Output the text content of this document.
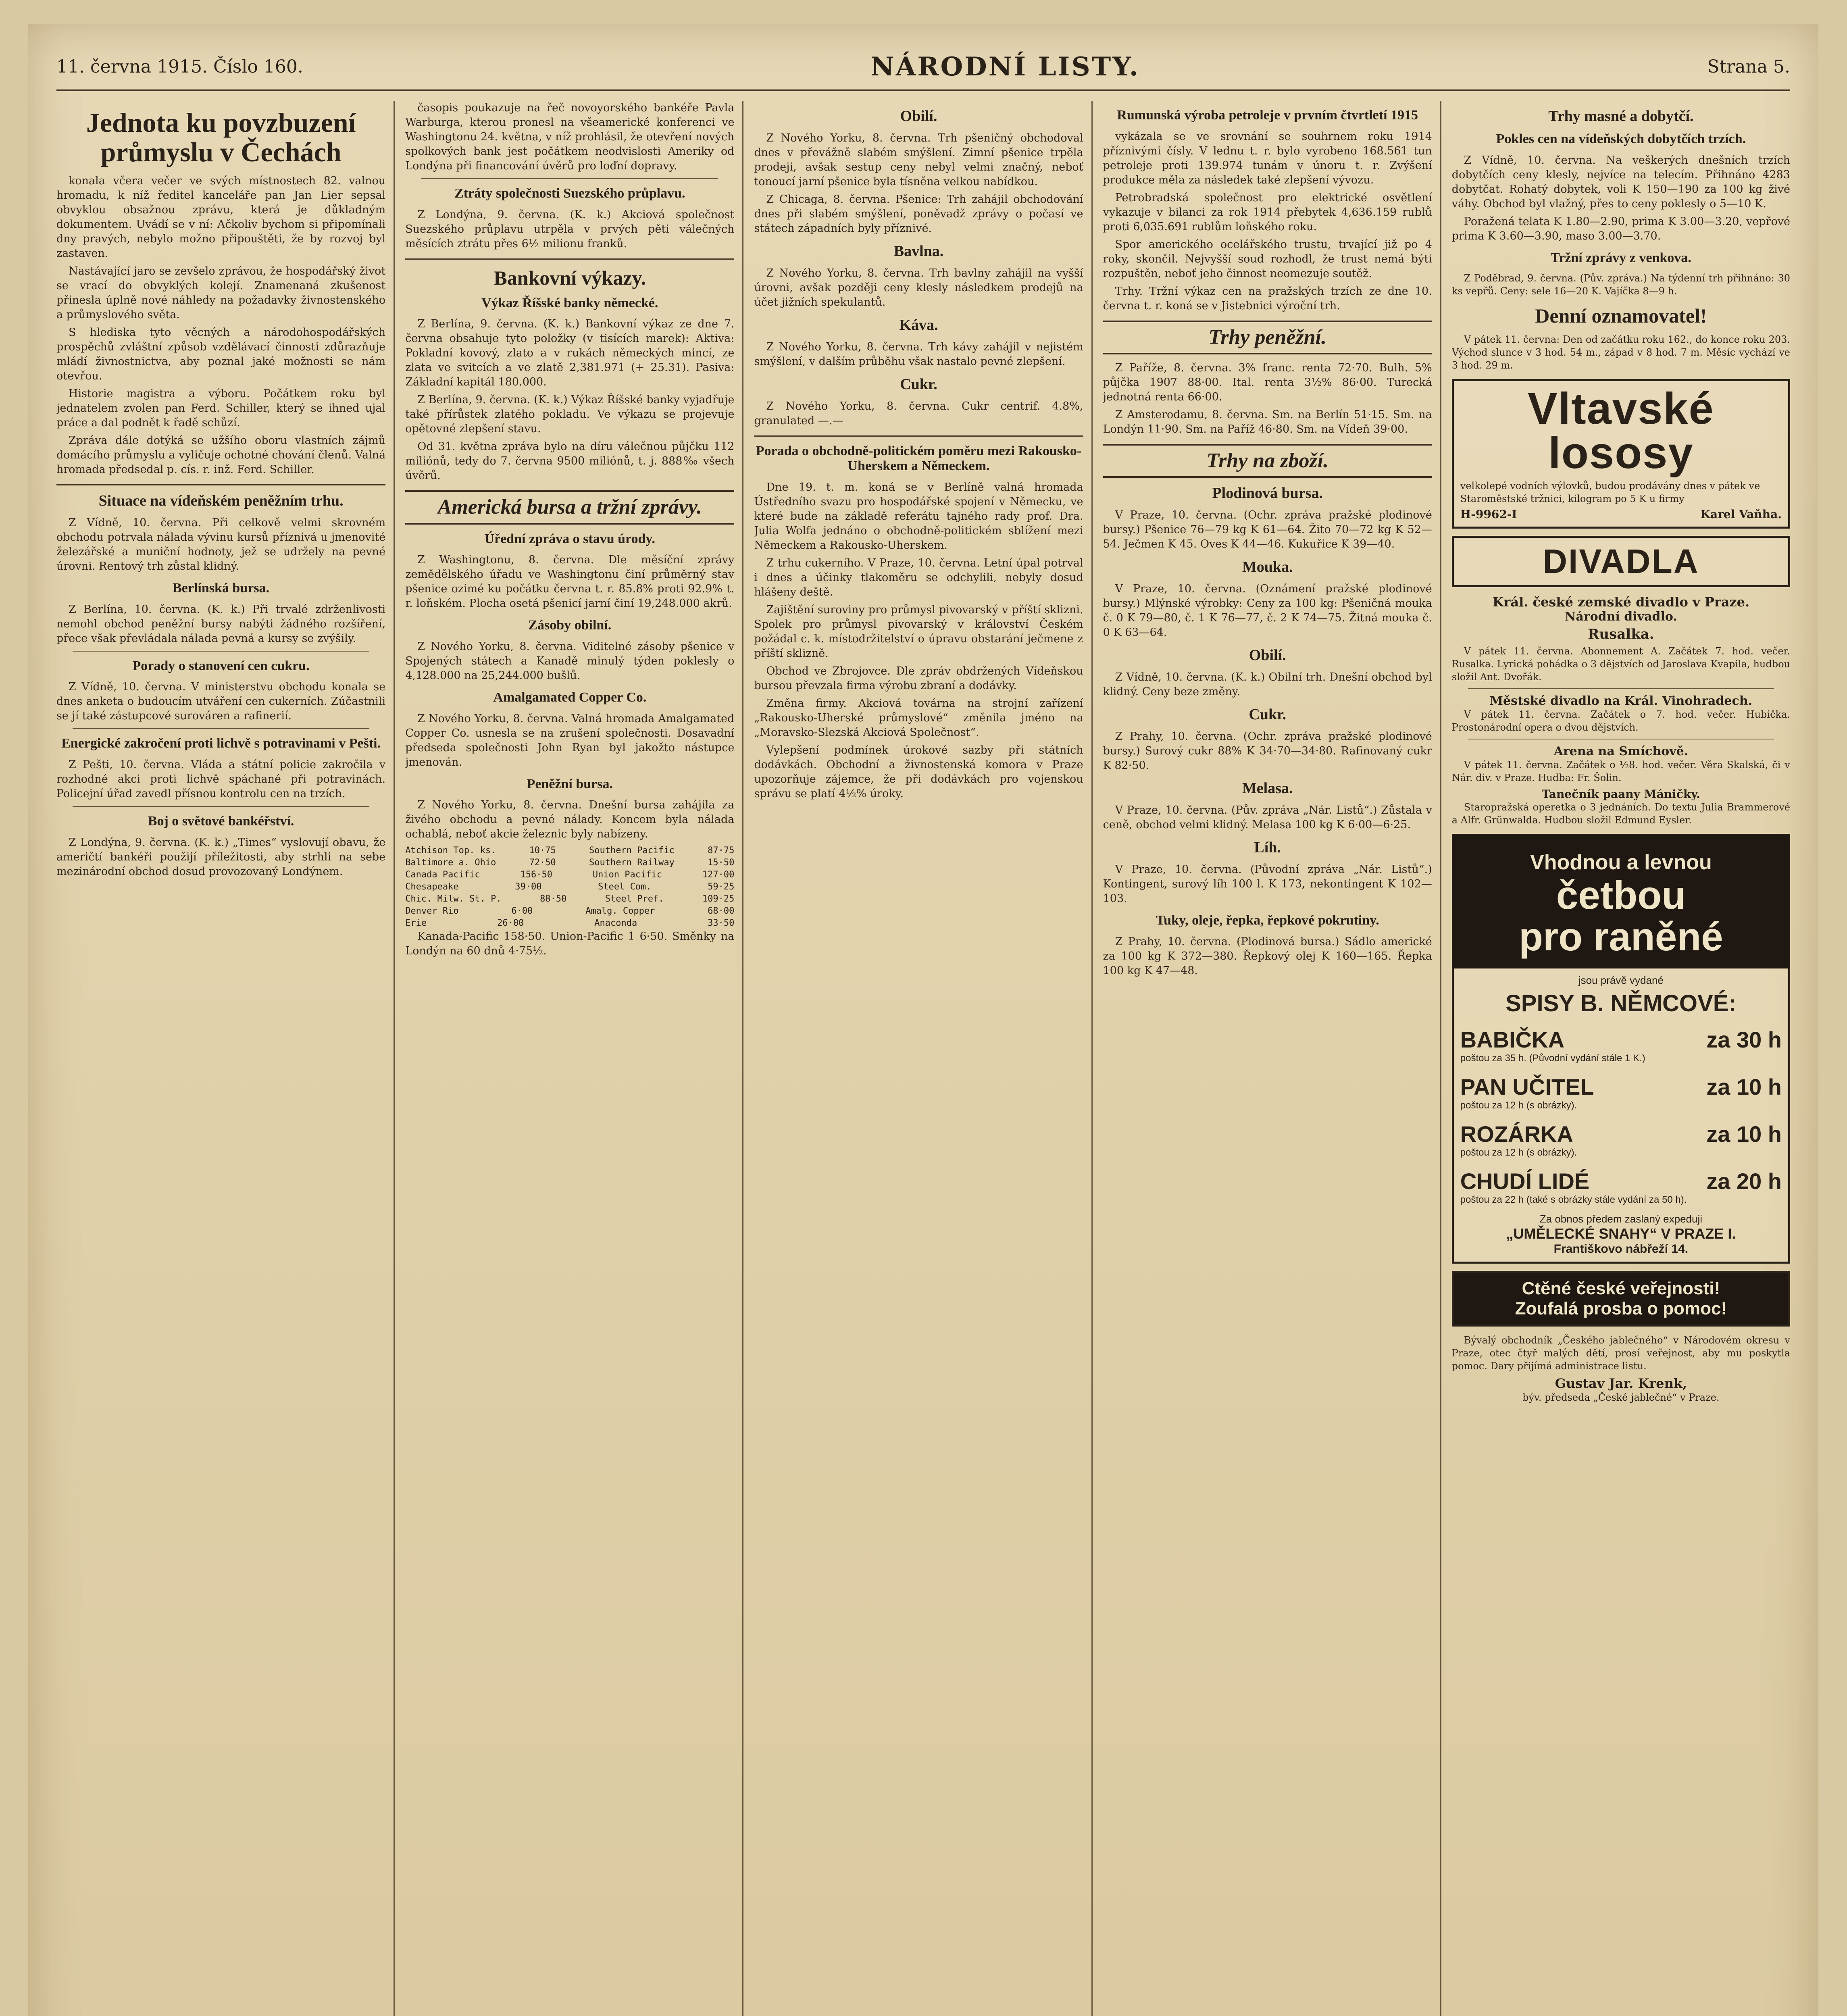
11. června 1915. Číslo 160.	NÁRODNÍ LISTY.	Strana 5.
Jednota ku povzbuzení průmyslu v Čechách

konala včera večer ve svých místnostech 82. valnou hromadu, k níž ředitel kanceláře pan Jan Lier sepsal obvyklou obsažnou zprávu, která je důkladným dokumentem. Uvádí se v ní: Ačkoliv bychom si připomínali dny pravých, nebylo možno připouštěti, že by rozvoj byl zastaven.

Nastávající jaro se zevšelo zprávou, že hospodářský život se vrací do obvyklých kolejí. Znamenaná zkušenost přinesla úplně nové náhledy na požadavky živnostenského a průmyslového světa.

S hlediska tyto věcných a národohospodářských prospěchů zvláštní způsob vzdělávací činnosti zdůrazňuje mládí živnostnictva, aby poznal jaké možnosti se nám otevřou.

Historie magistra a výboru. Počátkem roku byl jednatelem zvolen pan Ferd. Schiller, který se ihned ujal práce a dal podnět k řadě schůzí.

Zpráva dále dotýká se užšího oboru vlastních zájmů domácího průmyslu a vyličuje ochotné chování členů. Valná hromada předsedal p. cís. r. inž. Ferd. Schiller.

Situace na vídeňském peněžním trhu.

Z Vídně, 10. června. Při celkově velmi skrovném obchodu potrvala nálada vývinu kursů příznivá u jmenovité železářské a muniční hodnoty, jež se udržely na pevné úrovni. Rentový trh zůstal klidný.

Berlínská bursa.

Z Berlína, 10. června. (K. k.) Při trvalé zdrženlivosti nemohl obchod peněžní bursy nabýti žádného rozšíření, přece však převládala nálada pevná a kursy se zvýšily.

Porady o stanovení cen cukru.

Z Vídně, 10. června. V ministerstvu obchodu konala se dnes anketa o budoucím utváření cen cukerních. Zúčastnili se jí také zástupcové surováren a rafinerií.

Energické zakročení proti lichvě s potravinami v Pešti.

Z Pešti, 10. června. Vláda a státní policie zakročila v rozhodné akci proti lichvě spáchané při potravinách. Policejní úřad zavedl přísnou kontrolu cen na trzích.

Boj o světové bankéřství.

Z Londýna, 9. června. (K. k.) „Times“ vyslovují obavu, že američtí bankéři použijí příležitosti, aby strhli na sebe mezinárodní obchod dosud provozovaný Londýnem.

časopis poukazuje na řeč novoyorského bankéře Pavla Warburga, kterou pronesl na všeamerické konferenci ve Washingtonu 24. května, v níž prohlásil, že otevření nových spolkových bank jest počátkem neodvislosti Ameriky od Londýna při financování úvěrů pro loďní dopravy.

Ztráty společnosti Suezského průplavu.

Z Londýna, 9. června. (K. k.) Akciová společnost Suezského průplavu utrpěla v prvých pěti válečných měsících ztrátu přes 6½ milionu franků.

Bankovní výkazy.
Výkaz Říšské banky německé.

Z Berlína, 9. června. (K. k.) Bankovní výkaz ze dne 7. června obsahuje tyto položky (v tisících marek): Aktiva: Pokladní kovový, zlato a v rukách německých mincí, ze zlata ve svitcích a ve zlatě 2,381.971 (+ 25.31). Pasiva: Základní kapitál 180.000.

Z Berlína, 9. června. (K. k.) Výkaz Říšské banky vyjadřuje také přírůstek zlatého pokladu. Ve výkazu se projevuje opětovné zlepšení stavu.

Od 31. května zpráva bylo na díru válečnou půjčku 112 miliónů, tedy do 7. června 9500 miliónů, t. j. 888‰ všech úvěrů.

Americká bursa a tržní zprávy.
Úřední zpráva o stavu úrody.

Z Washingtonu, 8. června. Dle měsíční zprávy zemědělského úřadu ve Washingtonu činí průměrný stav pšenice ozimé ku počátku června t. r. 85.8% proti 92.9% t. r. loňském. Plocha osetá pšenicí jarní činí 19,248.000 akrů.

Zásoby obilní.

Z Nového Yorku, 8. června. Viditelné zásoby pšenice v Spojených státech a Kanadě minulý týden poklesly o 4,128.000 na 25,244.000 bušlů.

Amalgamated Copper Co.

Z Nového Yorku, 8. června. Valná hromada Amalgamated Copper Co. usnesla se na zrušení společnosti. Dosavadní předseda společnosti John Ryan byl jakožto nástupce jmenován.

Peněžní bursa.

Z Nového Yorku, 8. června. Dnešní bursa zahájila za živého obchodu a pevné nálady. Koncem byla nálada ochablá, neboť akcie železnic byly nabízeny.

Atchison Top. ks.	10·75	Southern Pacific	87·75
Baltimore a. Ohio	72·50	Southern Railway	15·50
Canada Pacific	156·50	Union Pacific	127·00
Chesapeake	39·00	Steel Com.	59·25
Chic. Milw. St. P.	88·50	Steel Pref.	109·25
Denver Rio	6·00	Amalg. Copper	68·00
Erie	26·00	Anaconda	33·50

Kanada-Pacific 158·50. Union-Pacific 1 6·50. Směnky na Londýn na 60 dnů 4·75½.

Obilí.

Z Nového Yorku, 8. června. Trh pšeničný obchodoval dnes v převážně slabém smýšlení. Zimní pšenice trpěla prodeji, avšak sestup ceny nebyl velmi značný, neboť tonoucí jarní pšenice byla tísněna velkou nabídkou.

Z Chicaga, 8. června. Pšenice: Trh zahájil obchodování dnes při slabém smýšlení, poněvadž zprávy o počasí ve státech západních byly příznivé.

Bavlna.

Z Nového Yorku, 8. června. Trh bavlny zahájil na vyšší úrovni, avšak později ceny klesly následkem prodejů na účet jižních spekulantů.

Káva.

Z Nového Yorku, 8. června. Trh kávy zahájil v nejistém smýšlení, v dalším průběhu však nastalo pevné zlepšení.

Cukr.

Z Nového Yorku, 8. června. Cukr centrif. 4.8%, granulated —.—

Porada o obchodně-politickém poměru mezi Rakousko-Uherskem a Německem.

Dne 19. t. m. koná se v Berlíně valná hromada Ústředního svazu pro hospodářské spojení v Německu, ve které bude na základě referátu tajného rady prof. Dra. Julia Wolfa jednáno o obchodně-politickém sblížení mezi Německem a Rakousko-Uherskem.

Z trhu cukerního. V Praze, 10. června. Letní úpal potrval i dnes a účinky tlakoměru se odchylili, nebyly dosud hlášeny deště.

Zajištění suroviny pro průmysl pivovarský v příští sklizni. Spolek pro průmysl pivovarský v království Českém požádal c. k. místodržitelství o úpravu obstarání ječmene z příští sklizně.

Obchod ve Zbrojovce. Dle zpráv obdržených Vídeňskou bursou převzala firma výrobu zbraní a dodávky.

Změna firmy. Akciová továrna na strojní zařízení „Rakousko-Uherské průmyslové“ změnila jméno na „Moravsko-Slezská Akciová Společnost“.

Vylepšení podmínek úrokové sazby při státních dodávkách. Obchodní a živnostenská komora v Praze upozorňuje zájemce, že při dodávkách pro vojenskou správu se platí 4½% úroky.

Rumunská výroba petroleje v prvním čtvrtletí 1915

vykázala se ve srovnání se souhrnem roku 1914 příznivými čísly. V lednu t. r. bylo vyrobeno 168.561 tun petroleje proti 139.974 tunám v únoru t. r. Zvýšení produkce měla za následek také zlepšení vývozu.

Petrobradská společnost pro elektrické osvětlení vykazuje v bilanci za rok 1914 přebytek 4,636.159 rublů proti 6,035.691 rublům loňského roku.

Spor amerického ocelářského trustu, trvající již po 4 roky, skončil. Nejvyšší soud rozhodl, že trust nemá býti rozpuštěn, neboť jeho činnost neomezuje soutěž.

Trhy. Tržní výkaz cen na pražských trzích ze dne 10. června t. r. koná se v Jistebnici výroční trh.

Trhy peněžní.

Z Paříže, 8. června. 3% franc. renta 72·70. Bulh. 5% půjčka 1907 88·00. Ital. renta 3½% 86·00. Turecká jednotná renta 66·00.

Z Amsterodamu, 8. června. Sm. na Berlín 51·15. Sm. na Londýn 11·90. Sm. na Paříž 46·80. Sm. na Vídeň 39·00.

Trhy na zboží.
Plodinová bursa.

V Praze, 10. června. (Ochr. zpráva pražské plodinové bursy.) Pšenice 76—79 kg K 61—64. Žito 70—72 kg K 52—54. Ječmen K 45. Oves K 44—46. Kukuřice K 39—40.

Mouka.

V Praze, 10. června. (Oznámení pražské plodinové bursy.) Mlýnské výrobky: Ceny za 100 kg: Pšeničná mouka č. 0 K 79—80, č. 1 K 76—77, č. 2 K 74—75. Žitná mouka č. 0 K 63—64.

Obilí.

Z Vídně, 10. června. (K. k.) Obilní trh. Dnešní obchod byl klidný. Ceny beze změny.

Cukr.

Z Prahy, 10. června. (Ochr. zpráva pražské plodinové bursy.) Surový cukr 88% K 34·70—34·80. Rafinovaný cukr K 82·50.

Melasa.

V Praze, 10. června. (Pův. zpráva „Nár. Listů“.) Zůstala v ceně, obchod velmi klidný. Melasa 100 kg K 6·00—6·25.

Líh.

V Praze, 10. června. (Původní zpráva „Nár. Listů“.) Kontingent, surový líh 100 l. K 173, nekontingent K 102—103.

Tuky, oleje, řepka, řepkové pokrutiny.

Z Prahy, 10. června. (Plodinová bursa.) Sádlo americké za 100 kg K 372—380. Řepkový olej K 160—165. Řepka 100 kg K 47—48.

Trhy masné a dobytčí.
Pokles cen na vídeňských dobytčích trzích.

Z Vídně, 10. června. Na veškerých dnešních trzích dobytčích ceny klesly, nejvíce na telecím. Přihnáno 4283 dobytčat. Rohatý dobytek, voli K 150—190 za 100 kg živé váhy. Obchod byl vlažný, přes to ceny poklesly o 5—10 K.

Poražená telata K 1.80—2.90, prima K 3.00—3.20, vepřové prima K 3.60—3.90, maso 3.00—3.70.

Tržní zprávy z venkova.

Z Poděbrad, 9. června. (Pův. zpráva.) Na týdenní trh přihnáno: 30 ks vepřů. Ceny: sele 16—20 K. Vajíčka 8—9 h.

Denní oznamovatel!

V pátek 11. června: Den od začátku roku 162., do konce roku 203. Východ slunce v 3 hod. 54 m., západ v 8 hod. 7 m. Měsíc vychází ve 3 hod. 29 m.

Vltavské lososy
velkolepé vodních výlovků, budou prodávány dnes v pátek ve Staroměstské tržnici, kilogram po 5 K u firmy
H-9962-I	Karel Vaňha.
DIVADLA
Král. české zemské divadlo v Praze.
Národní divadlo.
Rusalka.

V pátek 11. června. Abonnement A. Začátek 7. hod. večer. Rusalka. Lyrická pohádka o 3 dějstvích od Jaroslava Kvapila, hudbou složil Ant. Dvořák.

Městské divadlo na Král. Vinohradech.

V pátek 11. června. Začátek o 7. hod. večer. Hubička. Prostonárodní opera o dvou dějstvích.

Arena na Smíchově.

V pátek 11. června. Začátek o ½8. hod. večer. Věra Skalská, či v Nár. div. v Praze. Hudba: Fr. Šolin.

Tanečník paany Máničky.

Staropražská operetka o 3 jednáních. Do textu Julia Brammerové a Alfr. Grünwalda. Hudbou složil Edmund Eysler.

Vhodnou a levnou
četbou
pro raněné
jsou právě vydané
SPISY B. NĚMCOVÉ:
BABIČKA	za 30 h
poštou za 35 h. (Původní vydání stále 1 K.)
PAN UČITEL	za 10 h
poštou za 12 h (s obrázky).
ROZÁRKA	za 10 h
poštou za 12 h (s obrázky).
CHUDÍ LIDÉ	za 20 h
poštou za 22 h (také s obrázky stále vydání za 50 h).
Za obnos předem zaslaný expeduji
„UMĚLECKÉ SNAHY“ V PRAZE I.
Františkovo nábřeží 14.
Ctěné české veřejnosti!
Zoufalá prosba o pomoc!

Bývalý obchodník „Českého jablečného“ v Národovém okresu v Praze, otec čtyř malých dětí, prosí veřejnost, aby mu poskytla pomoc. Dary přijímá administrace listu.

Gustav Jar. Krenk,
býv. předseda „České jablečné“ v Praze.
